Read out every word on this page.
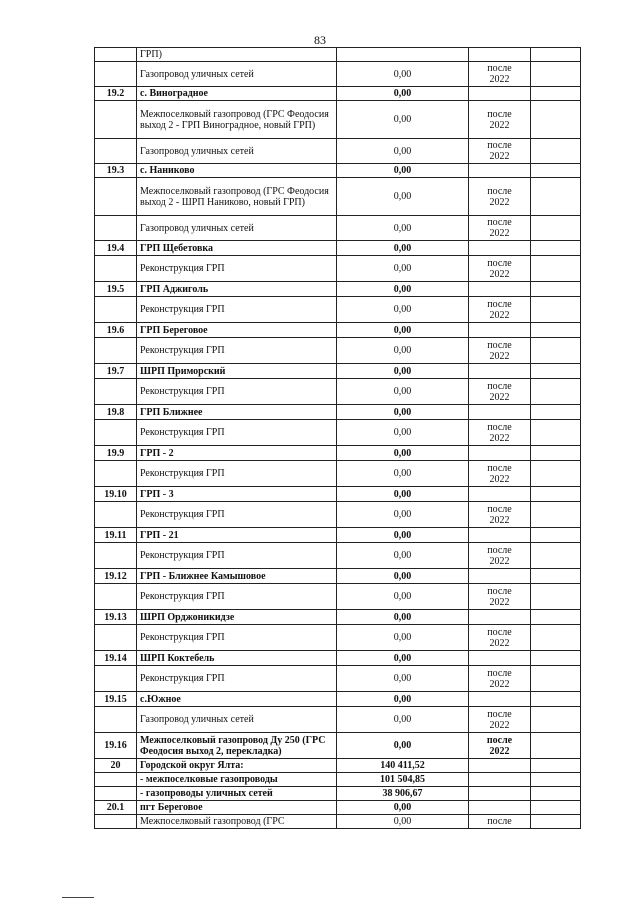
83
	ГРП)			
	Газопровод уличных сетей	0,00	после
2022	
19.2	с. Виноградное	0,00		
	Межпоселковый газопровод (ГРС Феодосия выход 2 - ГРП Виноградное, новый ГРП)	0,00	после
2022	
	Газопровод уличных сетей	0,00	после
2022	
19.3	с. Наниково	0,00		
	Межпоселковый газопровод (ГРС Феодосия выход 2 - ШРП Наниково, новый ГРП)	0,00	после
2022	
	Газопровод уличных сетей	0,00	после
2022	
19.4	ГРП Щебетовка	0,00		
	Реконструкция ГРП	0,00	после
2022	
19.5	ГРП Аджиголь	0,00		
	Реконструкция ГРП	0,00	после
2022	
19.6	ГРП Береговое	0,00		
	Реконструкция ГРП	0,00	после
2022	
19.7	ШРП Приморский	0,00		
	Реконструкция ГРП	0,00	после
2022	
19.8	ГРП Ближнее	0,00		
	Реконструкция ГРП	0,00	после
2022	
19.9	ГРП - 2	0,00		
	Реконструкция ГРП	0,00	после
2022	
19.10	ГРП - 3	0,00		
	Реконструкция ГРП	0,00	после
2022	
19.11	ГРП - 21	0,00		
	Реконструкция ГРП	0,00	после
2022	
19.12	ГРП - Ближнее Камышовое	0,00		
	Реконструкция ГРП	0,00	после
2022	
19.13	ШРП Орджоникидзе	0,00		
	Реконструкция ГРП	0,00	после
2022	
19.14	ШРП Коктебель	0,00		
	Реконструкция ГРП	0,00	после
2022	
19.15	с.Южное	0,00		
	Газопровод уличных сетей	0,00	после
2022	
19.16	Межпоселковый газопровод Ду 250 (ГРС Феодосия выход 2, перекладка)	0,00	после
2022	
20	Городской округ Ялта:	140 411,52		
	- межпоселковые газопроводы	101 504,85		
	- газопроводы уличных сетей	38 906,67		
20.1	пгт Береговое	0,00		
	Межпоселковый газопровод (ГРС	0,00	после	
